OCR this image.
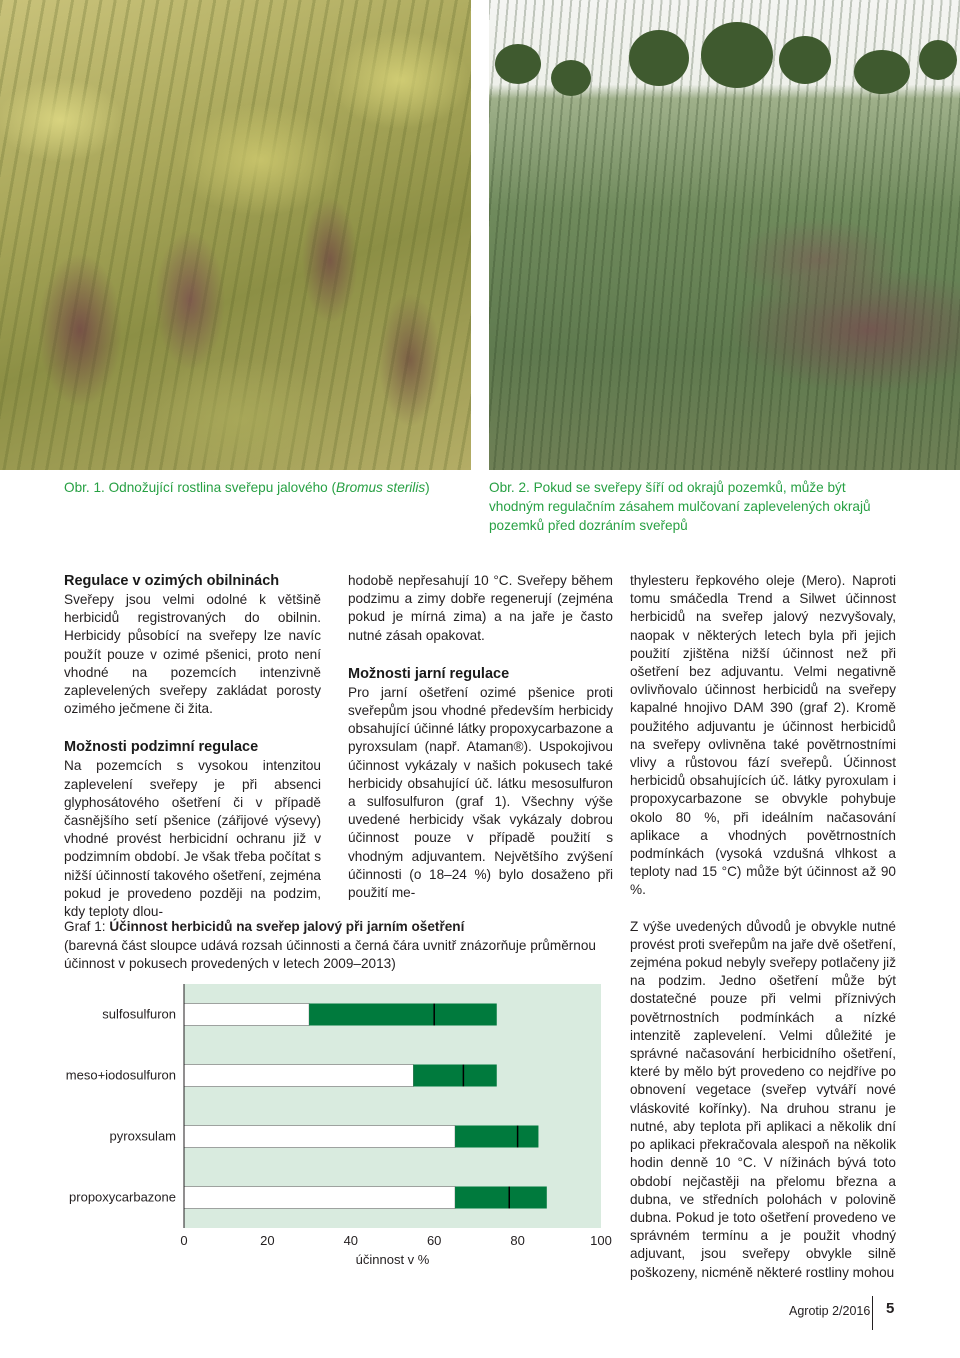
Obr. 1. Odnožující rostlina sveřepu jalového (Bromus sterilis)	Obr. 2. Pokud se sveřepy šíří od okrajů pozemků, může být vhodným regulačním zásahem mulčovaní zaplevelených okrajů pozemků před dozráním sveřepů
Regulace v ozimých obilninách

Sveřepy jsou velmi odolné k většině herbicidů registrovaných do obilnin. Herbicidy působící na sveřepy lze navíc použít pouze v ozimé pšenici, proto není vhodné na pozemcích intenzivně zaplevelených sveřepy zakládat porosty ozimého ječmene či žita.

Možnosti podzimní regulace

Na pozemcích s vysokou intenzitou zaplevelení sveřepy je při absenci glyphosátového ošetření či v případě časnějšího setí pšenice (zářijové výsevy) vhodné provést herbicidní ochranu již v podzimním období. Je však třeba počítat s nižší účinností takového ošetření, zejména pokud je provedeno později na podzim, kdy teploty dlou-

hodobě nepřesahují 10 °C. Sveřepy během podzimu a zimy dobře regenerují (zejména pokud je mírná zima) a na jaře je často nutné zásah opakovat.

Možnosti jarní regulace

Pro jarní ošetření ozimé pšenice proti sveřepům jsou vhodné především herbicidy obsahující účinné látky propoxycarbazone a pyroxsulam (např. Ataman®). Uspokojivou účinnost vykázaly v našich pokusech také herbicidy obsahující úč. látku mesosulfuron a sulfosulfuron (graf 1). Všechny výše uvedené herbicidy však vykázaly dobrou účinnost pouze v případě použití s vhodným adjuvantem. Největšího zvýšení účinnosti (o 18–24 %) bylo dosaženo při použití me-

thylesteru řepkového oleje (Mero). Naproti tomu smáčedla Trend a Silwet účinnost herbicidů na sveřep jalový nezvyšovaly, naopak v některých letech byla při jejich použití zjištěna nižší účinnost než při ošetření bez adjuvantu. Velmi negativně ovlivňovalo účinnost herbicidů na sveřepy kapalné hnojivo DAM 390 (graf 2). Kromě použitého adjuvantu je účinnost herbicidů na sveřepy ovlivněna také povětrnostními vlivy a růstovou fází sveřepů. Účinnost herbicidů obsahujících úč. látky pyroxulam i propoxycarbazone se obvykle pohybuje okolo 80 %, při ideálním načasování aplikace a vhodných povětrnostních podmínkách (vysoká vzdušná vlhkost a teploty nad 15 °C) může být účinnost až 90 %.

Z výše uvedených důvodů je obvykle nutné provést proti sveřepům na jaře dvě ošetření, zejména pokud nebyly sveřepy potlačeny již na podzim. Jedno ošetření může být dostatečné pouze při velmi příznivých povětrnostních podmínkách a nízké intenzitě zaplevelení. Velmi důležité je správné načasování herbicidního ošetření, které by mělo být provedeno co nejdříve po obnovení vegetace (sveřep vytváří nové vláskovité kořínky). Na druhou stranu je nutné, aby teplota při aplikaci a několik dní po aplikaci překračovala alespoň na několik hodin denně 10 °C. V nížinách bývá toto období nejčastěji na přelomu března a dubna, ve středních polohách v polovině dubna. Pokud je toto ošetření provedeno ve správném termínu a je použit vhodný adjuvant, jsou sveřepy obvykle silně poškozeny, nicméně některé rostliny mohou

Graf 1: Účinnost herbicidů na sveřep jalový při jarním ošetření
(barevná část sloupce udává rozsah účinnosti a černá čára uvnitř znázorňuje průměrnou účinnost v pokusech provedených v letech 2009–2013)
0	20	40	60	80	100
sulfosulfuron
meso+iodosulfuron
pyroxsulam
propoxycarbazone
účinnost v %
Agrotip 2/2016 5
